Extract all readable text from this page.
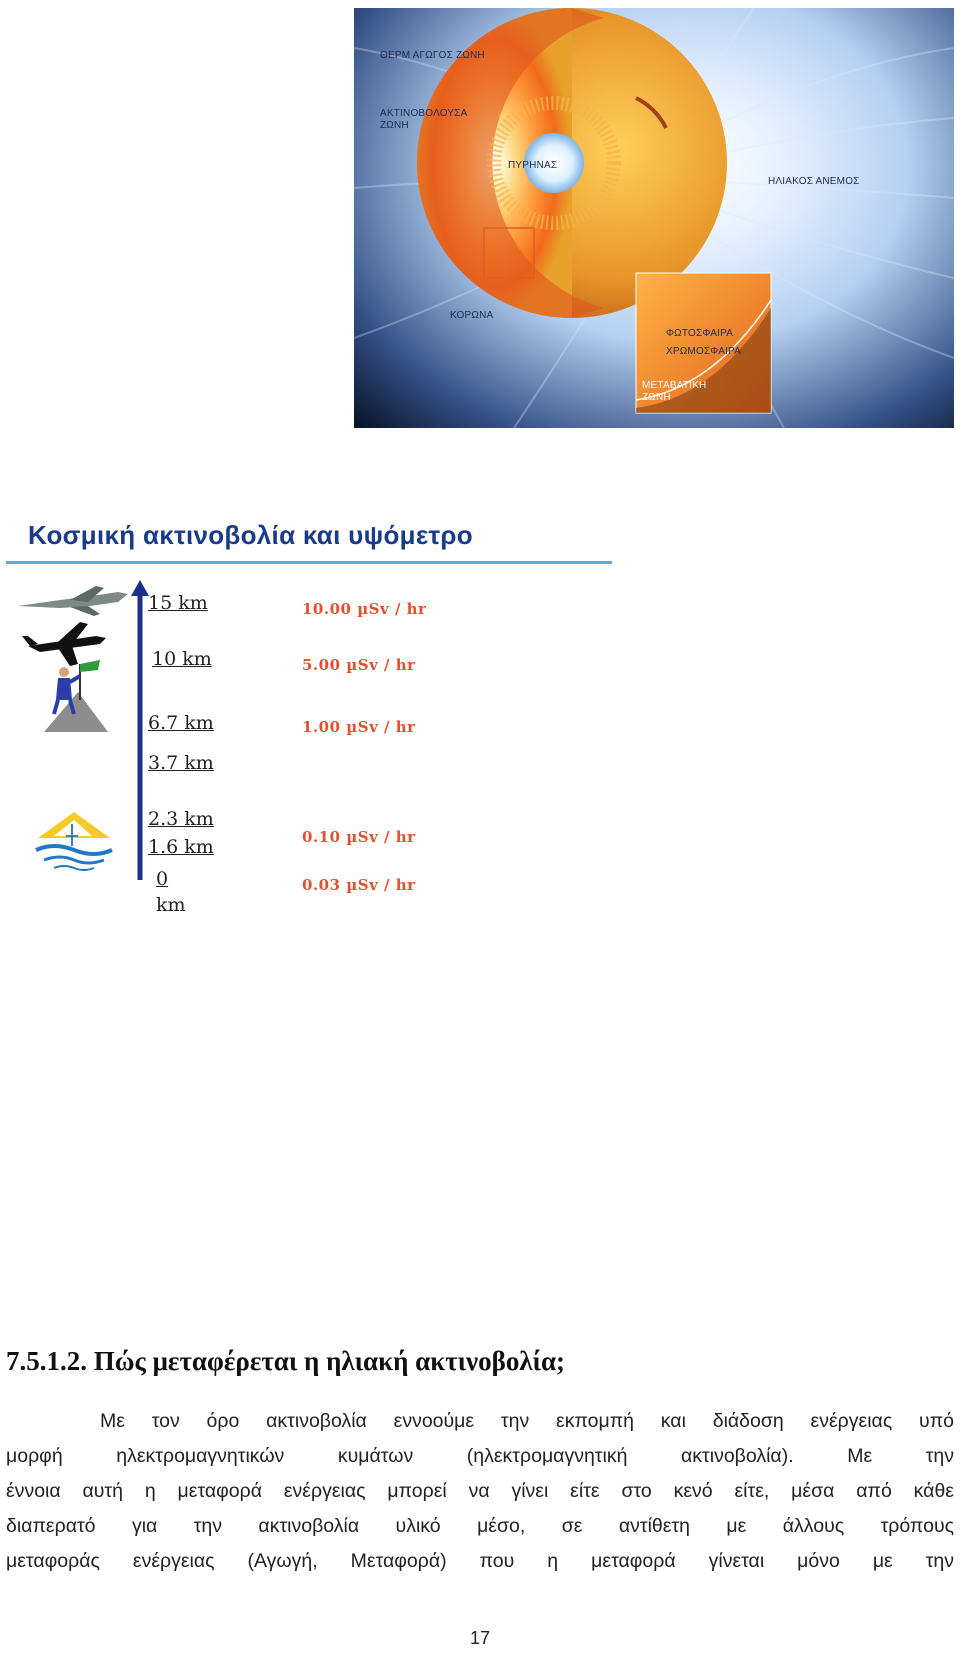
ΘΕΡΜ ΑΓΩΓΟΣ ΖΩΝΗ
ΑΚΤΙΝΟΒΟΛΟΥΣΑ
ΖΩΝΗ
ΠΥΡΗΝΑΣ
ΗΛΙΑΚΟΣ ΑΝΕΜΟΣ
ΚΟΡΩΝΑ
ΦΩΤΟΣΦΑΙΡΑ
ΧΡΩΜΟΣΦΑΙΡΑ
ΜΕΤΑΒΑΤΙΚΗ
ΖΩΝΗ
Κοσμική ακτινοβολία και υψόμετρο
15 km
10 km
6.7 km
3.7 km
2.3 km
1.6 km
0
km
10.00 µSv / hr
5.00 µSv / hr
1.00 µSv / hr
0.10 µSv / hr
0.03 µSv / hr
7.5.1.2. Πώς μεταφέρεται η ηλιακή ακτινοβολία;
Με τον όρο ακτινοβολία εννοούμε την εκπομπή και διάδοση ενέργειας υπό
μορφή ηλεκτρομαγνητικών κυμάτων (ηλεκτρομαγνητική ακτινοβολία). Με την
έννοια αυτή η μεταφορά ενέργειας μπορεί να γίνει είτε στο κενό είτε, μέσα από κάθε
διαπερατό για την ακτινοβολία υλικό μέσο, σε αντίθετη με άλλους τρόπους
μεταφοράς ενέργειας (Αγωγή, Μεταφορά) που η μεταφορά γίνεται μόνο με την
17
